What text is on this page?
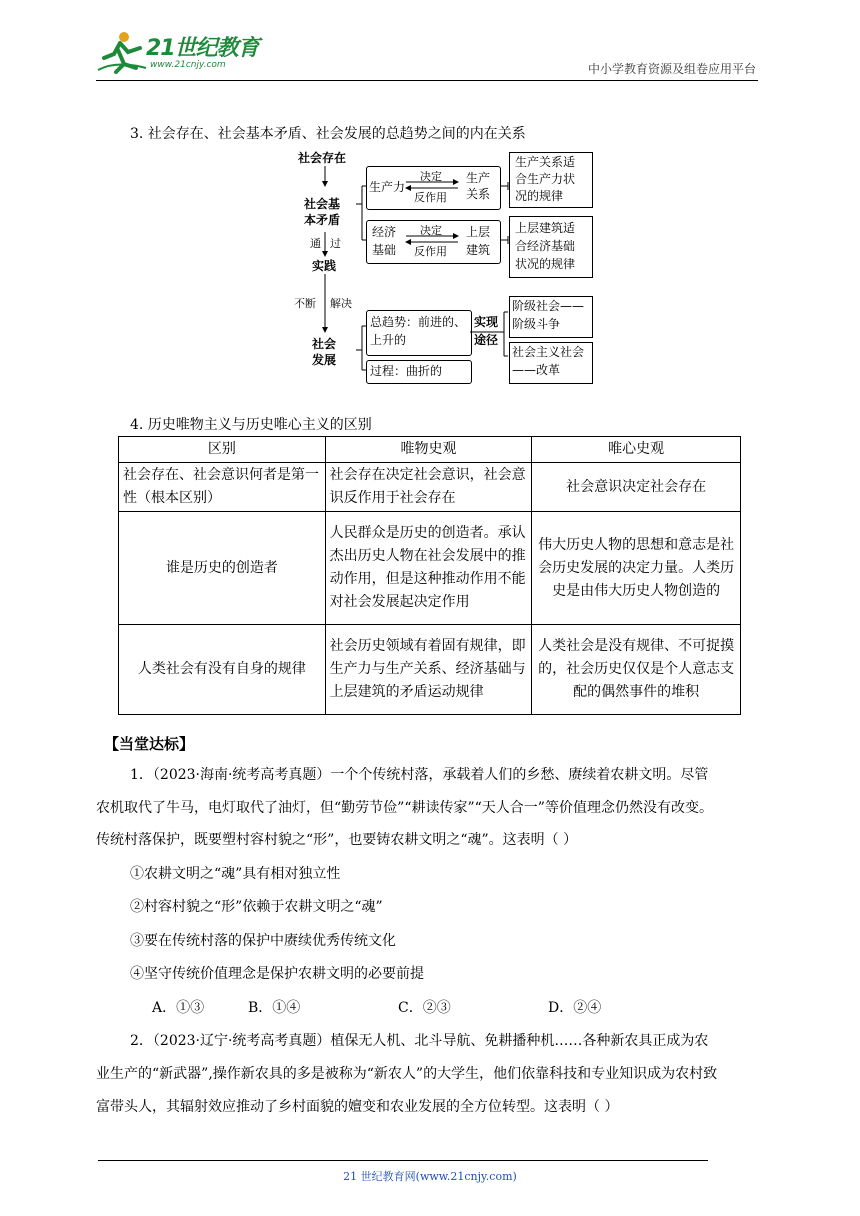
21世纪教育
www.21cnjy.com	中小学教育资源及组卷应用平台
3. 社会存在、社会基本矛盾、社会发展的总趋势之间的内在关系
社会存在
社会基
本矛盾
通 过
实践
不断 解决
社会
发展
生产力
决定
反作用
生产
关系
生产关系适
合生产力状
况的规律
经济
基础
决定
反作用
上层
建筑
上层建筑适
合经济基础
状况的规律
总趋势：前进的、
上升的
实现
途径
阶级社会——
阶级斗争
社会主义社会
——改革
过程：曲折的
4. 历史唯物主义与历史唯心主义的区别
区别	唯物史观	唯心史观
社会存在、社会意识何者是第一性（根本区别）	社会存在决定社会意识，社会意识反作用于社会存在	社会意识决定社会存在
谁是历史的创造者	人民群众是历史的创造者。承认杰出历史人物在社会发展中的推动作用，但是这种推动作用不能对社会发展起决定作用	伟大历史人物的思想和意志是社会历史发展的决定力量。人类历史是由伟大历史人物创造的
人类社会有没有自身的规律	社会历史领域有着固有规律，即生产力与生产关系、经济基础与上层建筑的矛盾运动规律	人类社会是没有规律、不可捉摸的，社会历史仅仅是个人意志支配的偶然事件的堆积
【当堂达标】
1．（2023·海南·统考高考真题）一个个传统村落，承载着人们的乡愁、赓续着农耕文明。尽管
农机取代了牛马，电灯取代了油灯，但“勤劳节俭”“耕读传家”“天人合一”等价值理念仍然没有改变。
传统村落保护，既要塑村容村貌之“形”，也要铸农耕文明之“魂”。这表明（ ）
①农耕文明之“魂”具有相对独立性
②村容村貌之“形”依赖于农耕文明之“魂”
③要在传统村落的保护中赓续优秀传统文化
④坚守传统价值理念是保护农耕文明的必要前提
A．①③	B．①④	C．②③	D．②④
2．（2023·辽宁·统考高考真题）植保无人机、北斗导航、免耕播种机……各种新农具正成为农
业生产的“新武器”,操作新农具的多是被称为“新农人”的大学生，他们依靠科技和专业知识成为农村致
富带头人，其辐射效应推动了乡村面貌的嬗变和农业发展的全方位转型。这表明（ ）
21 世纪教育网(www.21cnjy.com)
